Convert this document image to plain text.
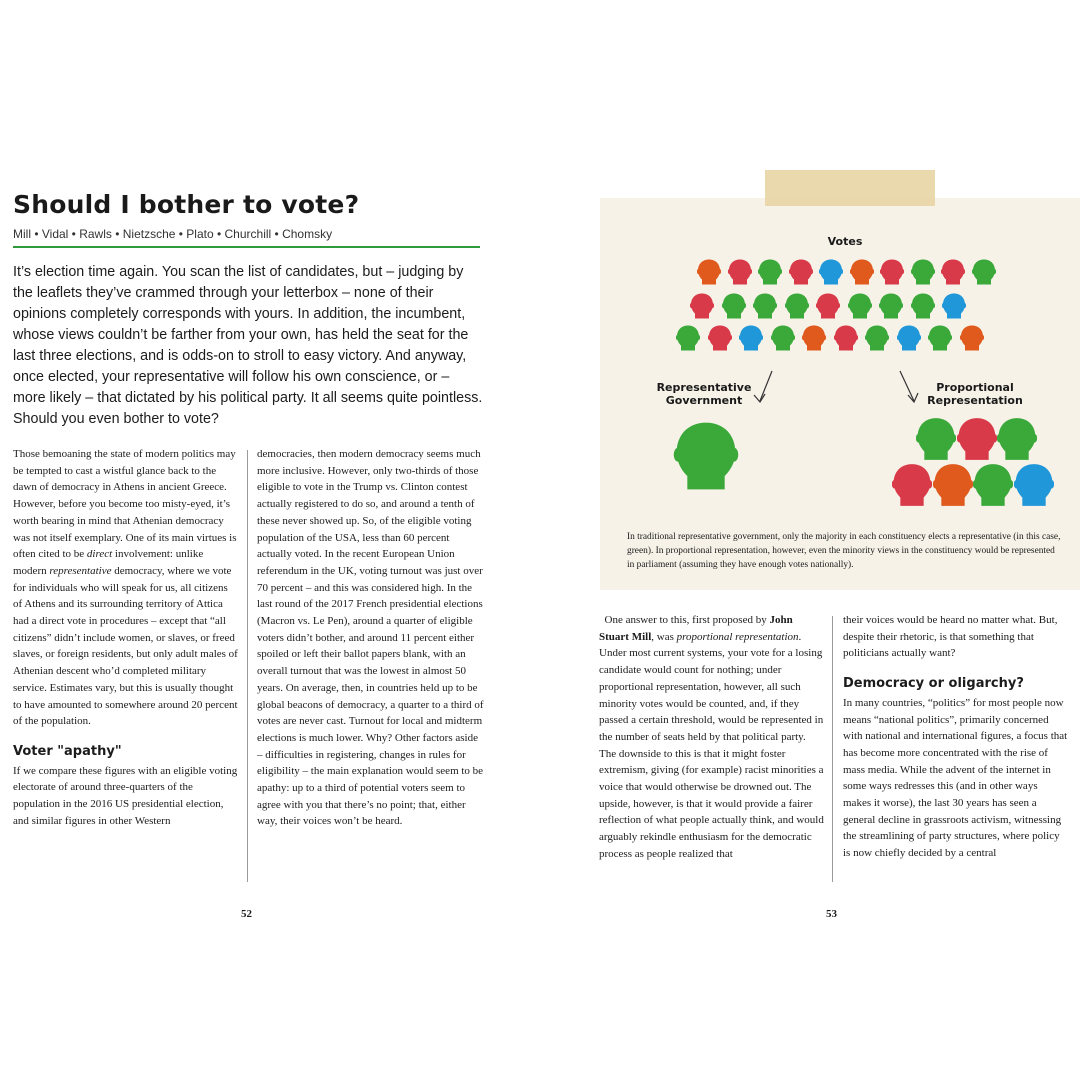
Should I bother to vote?
Mill • Vidal • Rawls • Nietzsche • Plato • Churchill • Chomsky
It’s election time again. You scan the list of candidates, but – judging by the leaflets they’ve crammed through your letterbox – none of their opinions completely corresponds with yours. In addition, the incumbent, whose views couldn’t be farther from your own, has held the seat for the last three elections, and is odds-on to stroll to easy victory. And anyway, once elected, your representative will follow his own conscience, or – more likely – that dictated by his political party. It all seems quite pointless. Should you even bother to vote?

Those bemoaning the state of modern politics may be tempted to cast a wistful glance back to the dawn of democracy in Athens in ancient Greece. However, before you become too misty-eyed, it’s worth bearing in mind that Athenian democracy was not itself exemplary. One of its main virtues is often cited to be direct involvement: unlike modern representative democracy, where we vote for individuals who will speak for us, all citizens of Athens and its surrounding territory of Attica had a direct vote in procedures – except that “all citizens” didn’t include women, or slaves, or freed slaves, or foreign residents, but only adult males of Athenian descent who’d completed military service. Estimates vary, but this is usually thought to have amounted to somewhere around 20 percent of the population.

Voter "apathy"

If we compare these figures with an eligible voting electorate of around three-quarters of the population in the 2016 US presidential election, and similar figures in other Western

democracies, then modern democracy seems much more inclusive. However, only two-thirds of those eligible to vote in the Trump vs. Clinton contest actually registered to do so, and around a tenth of these never showed up. So, of the eligible voting population of the USA, less than 60 percent actually voted. In the recent European Union referendum in the UK, voting turnout was just over 70 percent – and this was considered high. In the last round of the 2017 French presidential elections (Macron vs. Le Pen), around a quarter of eligible voters didn’t bother, and around 11 percent either spoiled or left their ballot papers blank, with an overall turnout that was the lowest in almost 50 years. On average, then, in countries held up to be global beacons of democracy, a quarter to a third of votes are never cast. Turnout for local and midterm elections is much lower. Why? Other factors aside – difficulties in registering, changes in rules for eligibility – the main explanation would seem to be apathy: up to a third of potential voters seem to agree with you that there’s no point; that, either way, their voices won’t be heard.

52
Votes
Representative Government
Proportional Representation
In traditional representative government, only the majority in each constituency elects a representative (in this case, green). In proportional representation, however, even the minority views in the constituency would be represented in parliament (assuming they have enough votes nationally).

One answer to this, first proposed by John Stuart Mill, was proportional representation. Under most current systems, your vote for a losing candidate would count for nothing; under proportional representation, however, all such minority votes would be counted, and, if they passed a certain threshold, would be represented in the number of seats held by that political party. The downside to this is that it might foster extremism, giving (for example) racist minorities a voice that would otherwise be drowned out. The upside, however, is that it would provide a fairer reflection of what people actually think, and would arguably rekindle enthusiasm for the democratic process as people realized that

their voices would be heard no matter what. But, despite their rhetoric, is that something that politicians actually want?

Democracy or oligarchy?

In many countries, “politics” for most people now means “national politics”, primarily concerned with national and international figures, a focus that has become more concentrated with the rise of mass media. While the advent of the internet in some ways redresses this (and in other ways makes it worse), the last 30 years has seen a general decline in grassroots activism, witnessing the streamlining of party structures, where policy is now chiefly decided by a central

53
